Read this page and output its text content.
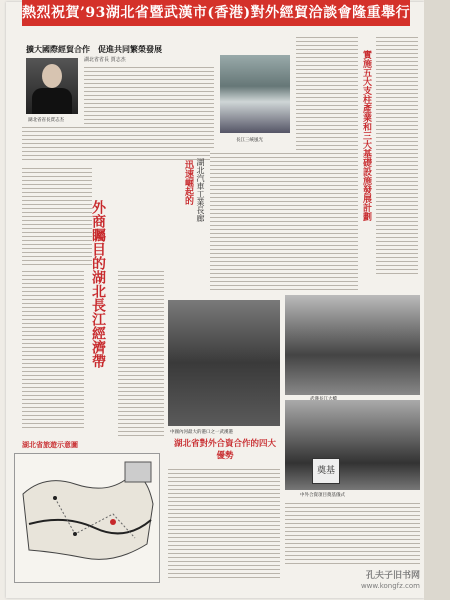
熱烈祝賀’93湖北省暨武漢市(香港)對外經貿洽談會隆重舉行
擴大國際經貿合作　促進共同繁榮發展
湖北省省長 賈志杰
湖北省省長賈志杰
長江三峽風光	實施五大支柱產業和三大基礎設施發展計劃
迅速崛起的 湖北汽車工業長廊
外商矚目的湖北長江經濟帶
中國內河最大的港口之一武漢港
奠基
中外合資項目奠基儀式
湖北省對外合資合作的四大優勢
湖北省旅遊示意圖
孔夫子旧书网
www.kongfz.com
